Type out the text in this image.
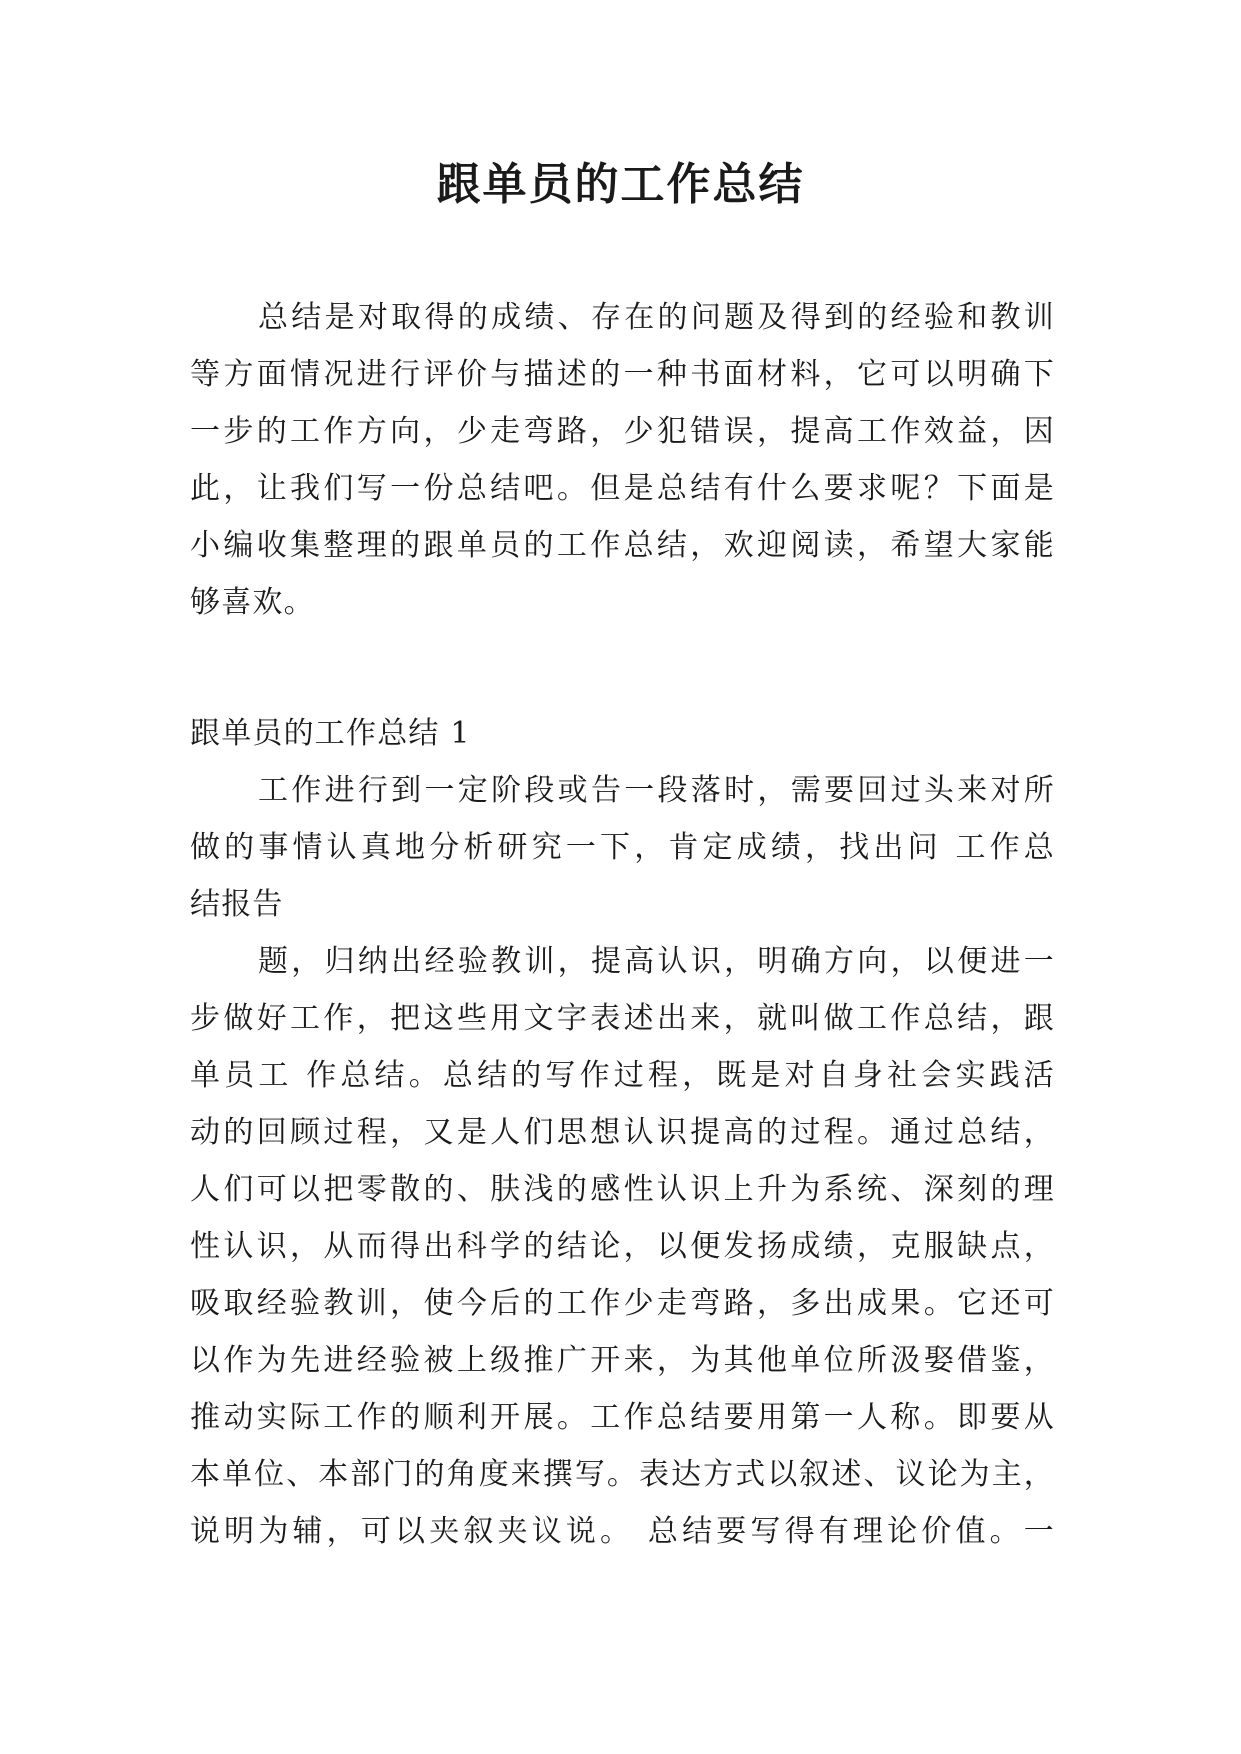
跟单员的工作总结
总结是对取得的成绩、存在的问题及得到的经验和教训
等方面情况进行评价与描述的一种书面材料，它可以明确下
一步的工作方向，少走弯路，少犯错误，提高工作效益，因
此，让我们写一份总结吧。但是总结有什么要求呢？下面是
小编收集整理的跟单员的工作总结，欢迎阅读，希望大家能
够喜欢。
跟单员的工作总结 1
工作进行到一定阶段或告一段落时，需要回过头来对所
做的事情认真地分析研究一下，肯定成绩，找出问 工作总
结报告
题，归纳出经验教训，提高认识，明确方向，以便进一
步做好工作，把这些用文字表述出来，就叫做工作总结，跟
单员工 作总结。总结的写作过程，既是对自身社会实践活
动的回顾过程，又是人们思想认识提高的过程。通过总结，
人们可以把零散的、肤浅的感性认识上升为系统、深刻的理
性认识，从而得出科学的结论，以便发扬成绩，克服缺点，
吸取经验教训，使今后的工作少走弯路，多出成果。它还可
以作为先进经验被上级推广开来，为其他单位所汲娶借鉴，
推动实际工作的顺利开展。工作总结要用第一人称。即要从
本单位、本部门的角度来撰写。表达方式以叙述、议论为主，
说明为辅，可以夹叙夹议说。 总结要写得有理论价值。一
